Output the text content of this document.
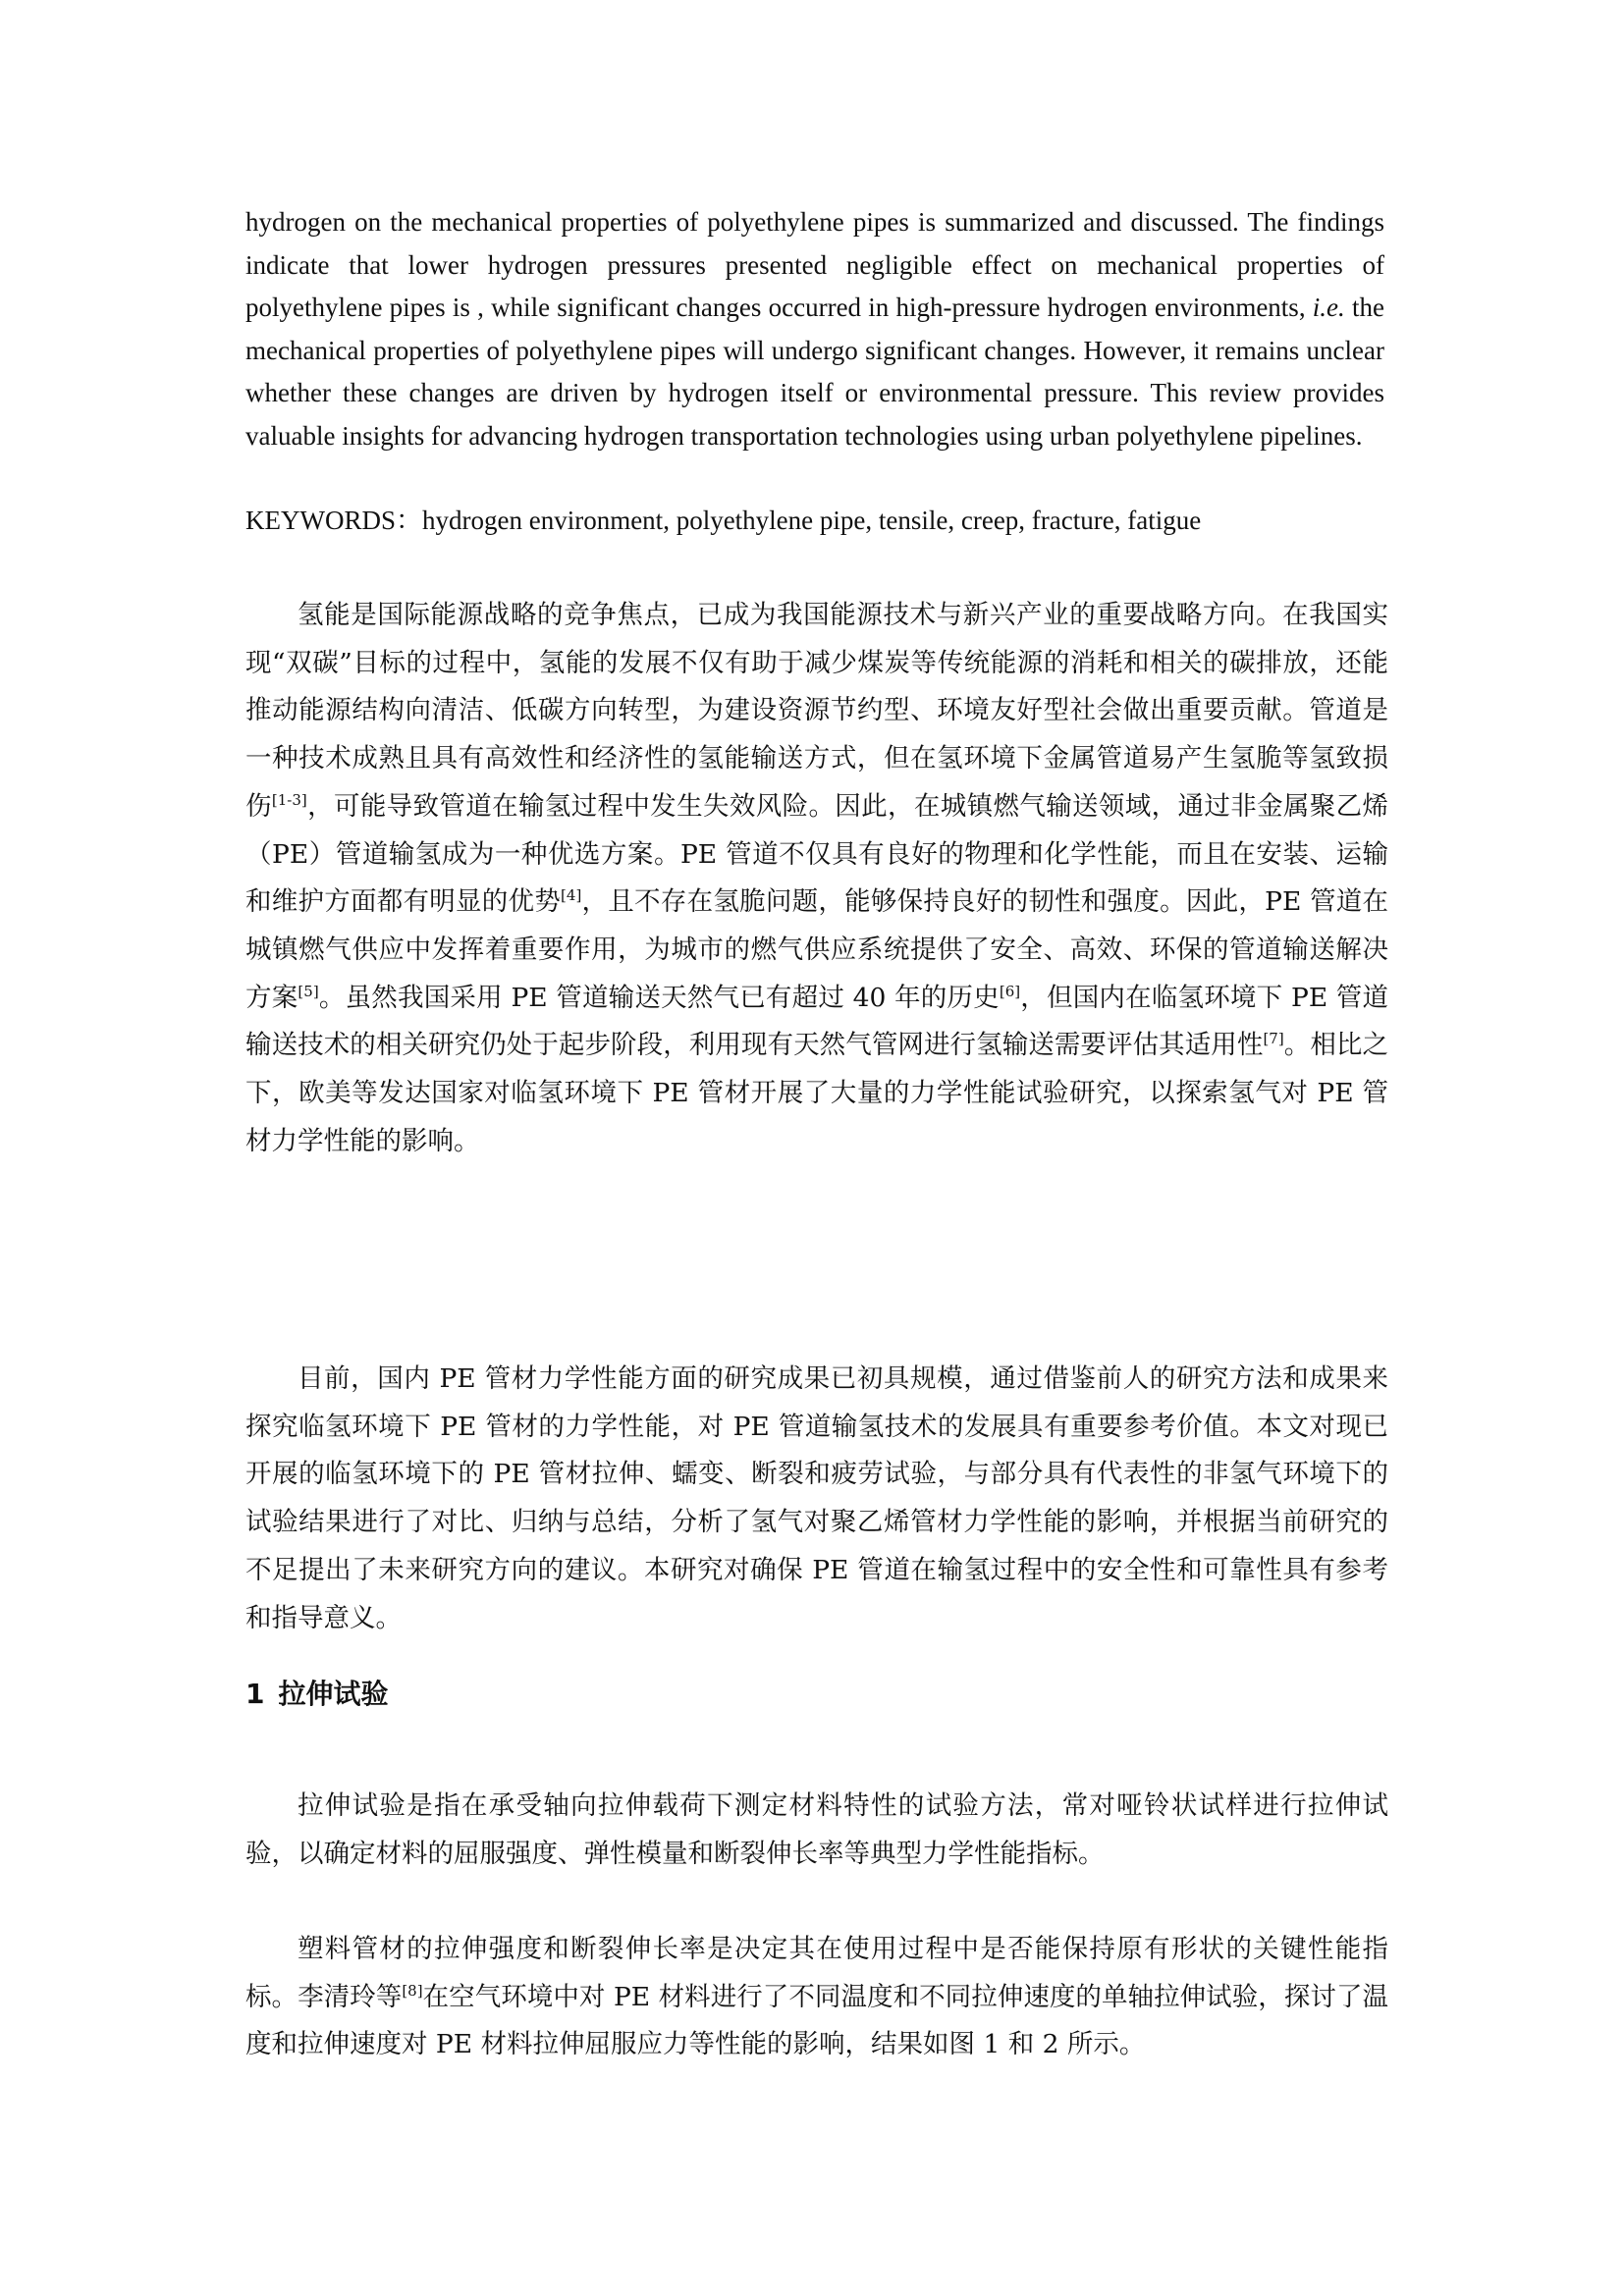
hydrogen on the mechanical properties of polyethylene pipes is summarized and discussed. The findings indicate that lower hydrogen pressures presented negligible effect on mechanical properties of polyethylene pipes is , while significant changes occurred in high-pressure hydrogen environments, i.e. the mechanical properties of polyethylene pipes will undergo significant changes. However, it remains unclear whether these changes are driven by hydrogen itself or environmental pressure. This review provides valuable insights for advancing hydrogen transportation technologies using urban polyethylene pipelines.
KEYWORDS：hydrogen environment, polyethylene pipe, tensile, creep, fracture, fatigue

氢能是国际能源战略的竞争焦点，已成为我国能源技术与新兴产业的重要战略方向。在我国实现“双碳”目标的过程中，氢能的发展不仅有助于减少煤炭等传统能源的消耗和相关的碳排放，还能推动能源结构向清洁、低碳方向转型，为建设资源节约型、环境友好型社会做出重要贡献。管道是一种技术成熟且具有高效性和经济性的氢能输送方式，但在氢环境下金属管道易产生氢脆等氢致损伤[1-3]，可能导致管道在输氢过程中发生失效风险。因此，在城镇燃气输送领域，通过非金属聚乙烯（PE）管道输氢成为一种优选方案。PE 管道不仅具有良好的物理和化学性能，而且在安装、运输和维护方面都有明显的优势[4]，且不存在氢脆问题，能够保持良好的韧性和强度。因此，PE 管道在城镇燃气供应中发挥着重要作用，为城市的燃气供应系统提供了安全、高效、环保的管道输送解决方案[5]。虽然我国采用 PE 管道输送天然气已有超过 40 年的历史[6]，但国内在临氢环境下 PE 管道输送技术的相关研究仍处于起步阶段，利用现有天然气管网进行氢输送需要评估其适用性[7]。相比之下，欧美等发达国家对临氢环境下 PE 管材开展了大量的力学性能试验研究，以探索氢气对 PE 管材力学性能的影响。

目前，国内 PE 管材力学性能方面的研究成果已初具规模，通过借鉴前人的研究方法和成果来探究临氢环境下 PE 管材的力学性能，对 PE 管道输氢技术的发展具有重要参考价值。本文对现已开展的临氢环境下的 PE 管材拉伸、蠕变、断裂和疲劳试验，与部分具有代表性的非氢气环境下的试验结果进行了对比、归纳与总结，分析了氢气对聚乙烯管材力学性能的影响，并根据当前研究的不足提出了未来研究方向的建议。本研究对确保 PE 管道在输氢过程中的安全性和可靠性具有参考和指导意义。

1 拉伸试验

拉伸试验是指在承受轴向拉伸载荷下测定材料特性的试验方法，常对哑铃状试样进行拉伸试验，以确定材料的屈服强度、弹性模量和断裂伸长率等典型力学性能指标。

塑料管材的拉伸强度和断裂伸长率是决定其在使用过程中是否能保持原有形状的关键性能指标。李清玲等[8]在空气环境中对 PE 材料进行了不同温度和不同拉伸速度的单轴拉伸试验，探讨了温度和拉伸速度对 PE 材料拉伸屈服应力等性能的影响，结果如图 1 和 2 所示。
